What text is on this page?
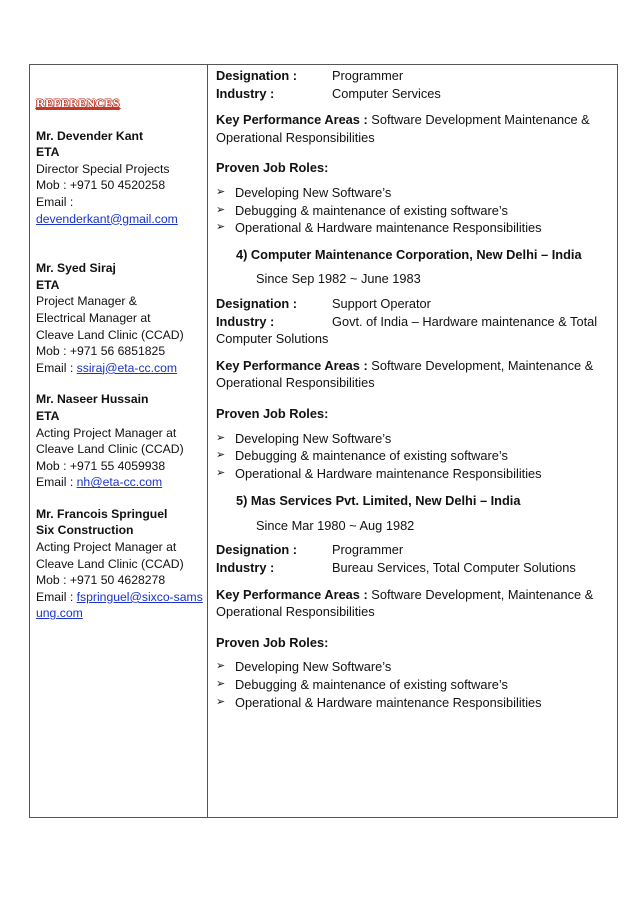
REFERENCES
Mr. Devender Kant
ETA
Director Special Projects
Mob : +971 50 4520258
Email :
devenderkant@gmail.com
Mr. Syed Siraj
ETA
Project Manager &
Electrical Manager at
Cleave Land Clinic (CCAD)
Mob : +971 56 6851825
Email : ssiraj@eta-cc.com
Mr. Naseer Hussain
ETA
Acting Project Manager at
Cleave Land Clinic (CCAD)
Mob : +971 55 4059938
Email : nh@eta-cc.com
Mr. Francois Springuel
Six Construction
Acting Project Manager at
Cleave Land Clinic (CCAD)
Mob : +971 50 4628278
Email : fspringuel@sixco-samsung.com
Designation :	Programmer
Industry :	Computer Services
Key Performance Areas : Software Development Maintenance & Operational Responsibilities
Proven Job Roles:
➢ Developing New Software’s
➢ Debugging & maintenance of existing software’s
➢ Operational & Hardware maintenance Responsibilities
4) Computer Maintenance Corporation, New Delhi – India
Since Sep 1982 ~ June 1983
Designation :	Support Operator
Industry :	Govt. of India – Hardware maintenance & Total Computer Solutions
Key Performance Areas : Software Development, Maintenance & Operational Responsibilities
Proven Job Roles:
➢ Developing New Software’s
➢ Debugging & maintenance of existing software’s
➢ Operational & Hardware maintenance Responsibilities
5) Mas Services Pvt. Limited, New Delhi – India
Since Mar 1980 ~ Aug 1982
Designation :	Programmer
Industry :	Bureau Services, Total Computer Solutions
Key Performance Areas : Software Development, Maintenance & Operational Responsibilities
Proven Job Roles:
➢ Developing New Software’s
➢ Debugging & maintenance of existing software’s
➢ Operational & Hardware maintenance Responsibilities
